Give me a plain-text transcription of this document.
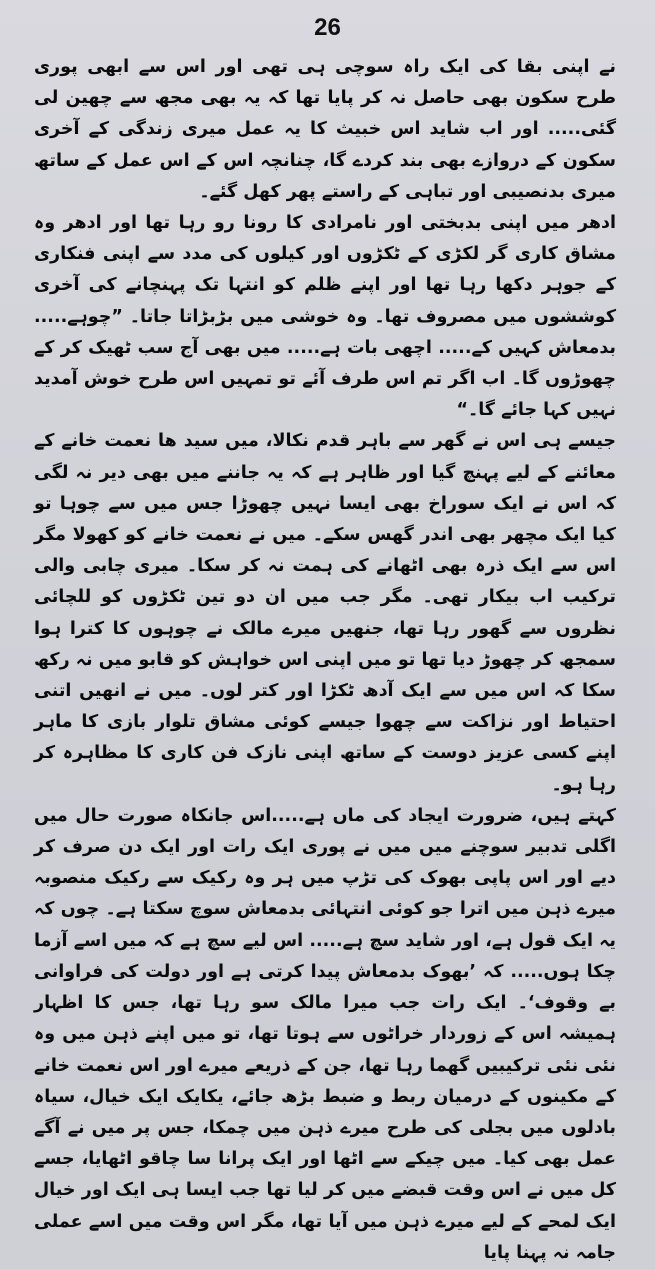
26

نے اپنی بقا کی ایک راہ سوچی ہی تھی اور اس سے ابھی پوری طرح سکون بھی حاصل نہ کر پایا تھا کہ یہ بھی مجھ سے چھین لی گئی..... اور اب شاید اس خبیث کا یہ عمل میری زندگی کے آخری سکون کے دروازے بھی بند کردے گا، چنانچہ اس کے اس عمل کے ساتھ میری بدنصیبی اور تباہی کے راستے پھر کھل گئے۔

ادھر میں اپنی بدبختی اور نامرادی کا رونا رو رہا تھا اور ادھر وہ مشاق کاری گر لکڑی کے ٹکڑوں اور کیلوں کی مدد سے اپنی فنکاری کے جوہر دکھا رہا تھا اور اپنے ظلم کو انتہا تک پہنچانے کی آخری کوششوں میں مصروف تھا۔ وہ خوشی میں بڑبڑاتا جاتا۔ ”چوہے..... بدمعاش کہیں کے..... اچھی بات ہے..... میں بھی آج سب ٹھیک کر کے چھوڑوں گا۔ اب اگر تم اس طرف آئے تو تمہیں اس طرح خوش آمدید نہیں کہا جائے گا۔“

جیسے ہی اس نے گھر سے باہر قدم نکالا، میں سید ھا نعمت خانے کے معائنے کے لیے پہنچ گیا اور ظاہر ہے کہ یہ جاننے میں بھی دیر نہ لگی کہ اس نے ایک سوراخ بھی ایسا نہیں چھوڑا جس میں سے چوہا تو کیا ایک مچھر بھی اندر گھس سکے۔ میں نے نعمت خانے کو کھولا مگر اس سے ایک ذرہ بھی اٹھانے کی ہمت نہ کر سکا۔ میری چابی والی ترکیب اب بیکار تھی۔ مگر جب میں ان دو تین ٹکڑوں کو للچائی نظروں سے گھور رہا تھا، جنھیں میرے مالک نے چوہوں کا کترا ہوا سمجھ کر چھوڑ دیا تھا تو میں اپنی اس خواہش کو قابو میں نہ رکھ سکا کہ اس میں سے ایک آدھ ٹکڑا اور کتر لوں۔ میں نے انھیں اتنی احتیاط اور نزاکت سے چھوا جیسے کوئی مشاق تلوار بازی کا ماہر اپنے کسی عزیز دوست کے ساتھ اپنی نازک فن کاری کا مظاہرہ کر رہا ہو۔

کہتے ہیں، ضرورت ایجاد کی ماں ہے.....اس جانکاہ صورت حال میں اگلی تدبیر سوچنے میں میں نے پوری ایک رات اور ایک دن صرف کر دیے اور اس پاپی بھوک کی تڑپ میں ہر وہ رکیک سے رکیک منصوبہ میرے ذہن میں اترا جو کوئی انتہائی بدمعاش سوچ سکتا ہے۔ چوں کہ یہ ایک قول ہے، اور شاید سچ ہے..... اس لیے سچ ہے کہ میں اسے آزما چکا ہوں..... کہ ’بھوک بدمعاش پیدا کرتی ہے اور دولت کی فراوانی بے وقوف‘۔ ایک رات جب میرا مالک سو رہا تھا، جس کا اظہار ہمیشہ اس کے زوردار خراٹوں سے ہوتا تھا، تو میں اپنے ذہن میں وہ نئی نئی ترکیبیں گھما رہا تھا، جن کے ذریعے میرے اور اس نعمت خانے کے مکینوں کے درمیان ربط و ضبط بڑھ جائے، یکایک ایک خیال، سیاہ بادلوں میں بجلی کی طرح میرے ذہن میں چمکا، جس پر میں نے آگے عمل بھی کیا۔ میں چیکے سے اٹھا اور ایک پرانا سا چاقو اٹھایا، جسے کل میں نے اس وقت قبضے میں کر لیا تھا جب ایسا ہی ایک اور خیال ایک لمحے کے لیے میرے ذہن میں آیا تھا، مگر اس وقت میں اسے عملی جامہ نہ پہنا پایا
